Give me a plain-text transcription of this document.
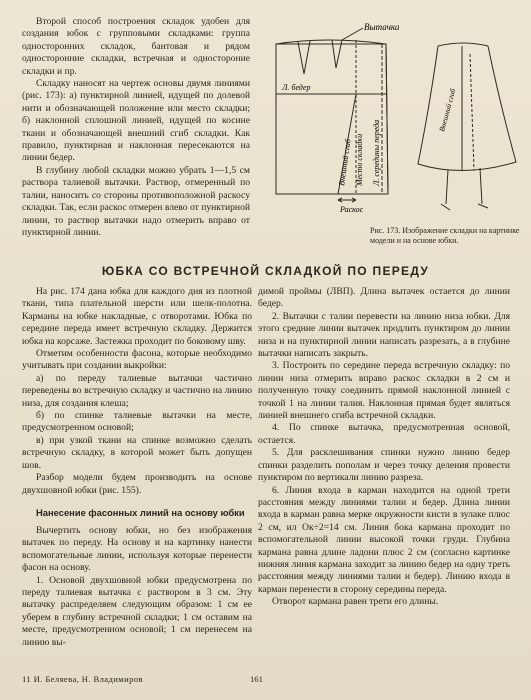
Второй способ построения складок удобен для создания юбок с групповыми складками: группа односторонних складок, бантовая и рядом односторонние складки, встречная и одностороние складки и пр.

Складку наносят на чертеж основы двумя линиями (рис. 173): а) пунктирной линией, идущей по долевой нити и обозначающей положение или место складки; б) наклонной сплошной линией, идущей по косине ткани и обозначающей внешний сгиб складки. Как правило, пунктирная и наклонная пересекаются на линии бедер.

В глубину любой складки можно убрать 1—1,5 см раствора талиевой вытачки. Раствор, отмеренный по талии, наносить со стороны противоположной раскосу складки. Так, если раскос отмерен влево от пунктирной линии, то раствор вытачки надо отмерить вправо от пунктирной линии.

Вытачка
Л. бедер
Внешний сгиб Место складки Л. середины переда
Раскос
Внешний сгиб
Рис. 173. Изображение складки на картинке модели и на основе юбки.
ЮБКА СО ВСТРЕЧНОЙ СКЛАДКОЙ ПО ПЕРЕДУ

На рис. 174 дана юбка для каждого дня из плотной ткани, типа плательной шерсти или шелк-полотна. Карманы на юбке накладные, с отворотами. Юбка по середине переда имеет встречную складку. Держится юбка на корсаже. Застежка проходит по боковому шву.

Отметим особенности фасона, которые необходимо учитывать при создании выкройки:

а) по переду талиевые вытачки частично переведены во встречную складку и частично на линию низа, для создания клеша;

б) по спинке талиевые вытачки на месте, предусмотренном основой;

в) при узкой ткани на спинке возможно сделать встречную складку, в которой может быть допущен шов.

Разбор модели будем производить на основе двухшовной юбки (рис. 155).

Нанесение фасонных линий на основу юбки

Вычертить основу юбки, но без изображения вытачек по переду. На основу и на картинку нанести вспомогательные линии, используя которые перенести фасон на основу.

1. Основой двухшовной юбки предусмотрена по переду талиевая вытачка с раствором в 3 см. Эту вытачку распределяем следующим образом: 1 см ее уберем в глубину встречной складки; 1 см оставим на месте, предусмотренном основой; 1 см перенесем на линию вы-

димой проймы (ЛВП). Длина вытачек остается до линии бедер.

2. Вытачки с талии перевести на линию низа юбки. Для этого средние линии вытачек продлить пунктиром до линии низа и на пунктирной линии написать разрезать, а в глубине вытачки написать закрыть.

3. Построить по середине переда встречную складку: по линии низа отмерить вправо раскос складки в 2 см и полученную точку соединить прямой наклонной линией с точкой 1 на линии талия. Наклонная прямая будет являться линией внешнего сгиба встречной складки.

4. По спинке вытачка, предусмотренная основой, остается.

5. Для расклешивания спинки нужно линию бедер спинки разделить пополам и через точку деления провести пунктиром по вертикали линию разреза.

6. Линия входа в карман находится на одной трети расстояния между линиями талии и бедер. Длина линии входа в карман равна мерке окружности кисти в зулаке плюс 2 см, ил Ок÷2=14 см. Линия бока кармана проходит по вспомогательной линии высокой точки груди. Глубина кармана равна длине ладони плюс 2 см (согласно картинке нижняя линия кармана заходит за линию бедер на одну треть расстояния между линиями талии и бедер). Линию входа в карман перенести в сторону середины переда.

Отворот кармана равен трети его длины.

11 И. Беляева, Н. Владимиров	161
